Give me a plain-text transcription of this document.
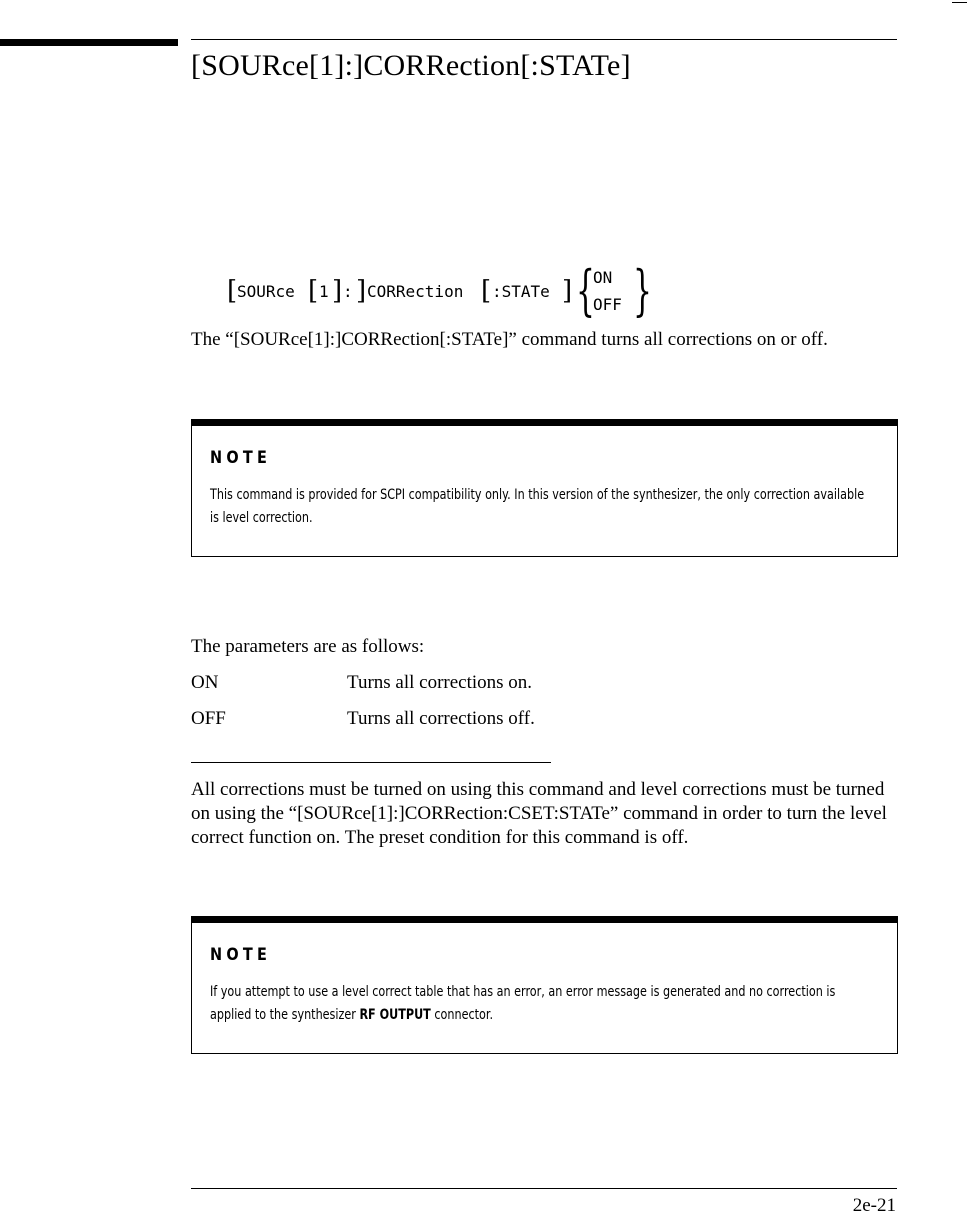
[SOURce[1]:]CORRection[:STATe]
[ SOURce [ 1 ] : ] CORRection [ :STATe ] {
ON
OFF }

The “[SOURce[1]:]CORRection[:STATe]” command turns all corrections on or off.

NOTE
This command is provided for SCPI compatibility only. In this version of the synthesizer, the only correction available is level correction.

The parameters are as follows:

ON	Turns all corrections on.
OFF	Turns all corrections off.

All corrections must be turned on using this command and level corrections must be turned on using the “[SOURce[1]:]CORRection:CSET:STATe” command in order to turn the level correct function on. The preset condition for this command is off.

NOTE
If you attempt to use a level correct table that has an error, an error message is generated and no correction is applied to the synthesizer RF OUTPUT connector.
2e-21
